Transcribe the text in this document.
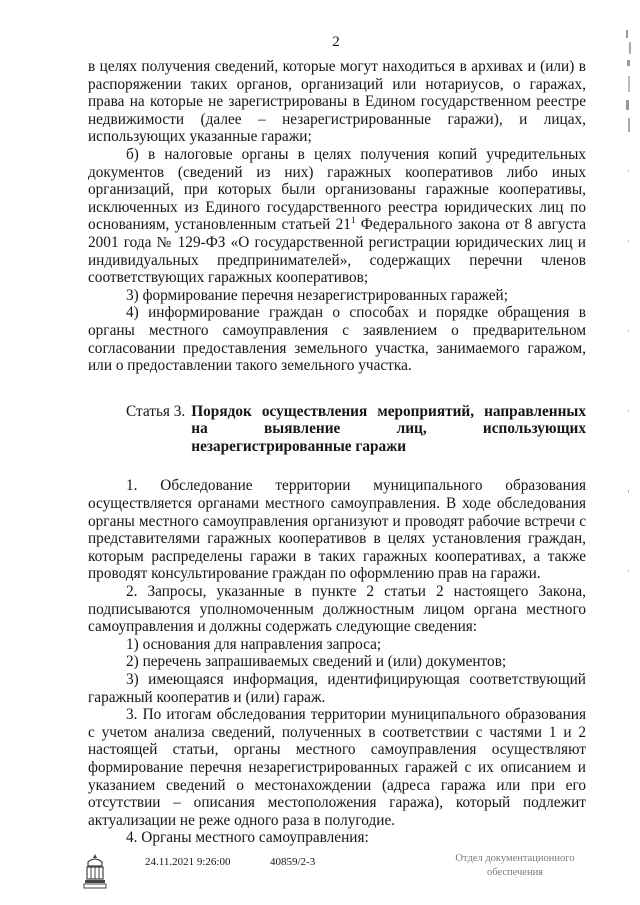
2

в целях получения сведений, которые могут находиться в архивах и (или) в распоряжении таких органов, организаций или нотариусов, о гаражах, права на которые не зарегистрированы в Едином государственном реестре недвижимости (далее – незарегистрированные гаражи), и лицах, использующих указанные гаражи;

б) в налоговые органы в целях получения копий учредительных документов (сведений из них) гаражных кооперативов либо иных организаций, при которых были организованы гаражные кооперативы, исключенных из Единого государственного реестра юридических лиц по основаниям, установленным статьей $21^1$ Федерального закона от 8 августа 2001 года № 129-ФЗ «О государственной регистрации юридических лиц и индивидуальных предпринимателей», содержащих перечни членов соответствующих гаражных кооперативов;

3) формирование перечня незарегистрированных гаражей;

4) информирование граждан о способах и порядке обращения в органы местного самоуправления с заявлением о предварительном согласовании предоставления земельного участка, занимаемого гаражом, или о предоставлении такого земельного участка.

Статья 3. Порядок осуществления мероприятий, направленных на выявление лиц, использующих незарегистрированные гаражи

1. Обследование территории муниципального образования осуществляется органами местного самоуправления. В ходе обследования органы местного самоуправления организуют и проводят рабочие встречи с представителями гаражных кооперативов в целях установления граждан, которым распределены гаражи в таких гаражных кооперативах, а также проводят консультирование граждан по оформлению прав на гаражи.

2. Запросы, указанные в пункте 2 статьи 2 настоящего Закона, подписываются уполномоченным должностным лицом органа местного самоуправления и должны содержать следующие сведения:

1) основания для направления запроса;

2) перечень запрашиваемых сведений и (или) документов;

3) имеющаяся информация, идентифицирующая соответствующий гаражный кооператив и (или) гараж.

3. По итогам обследования территории муниципального образования с учетом анализа сведений, полученных в соответствии с частями 1 и 2 настоящей статьи, органы местного самоуправления осуществляют формирование перечня незарегистрированных гаражей с их описанием и указанием сведений о местонахождении (адреса гаража или при его отсутствии – описания местоположения гаража), который подлежит актуализации не реже одного раза в полугодие.

4. Органы местного самоуправления:

24.11.2021 9:26:00	40859/2-3	Отдел документационного
обеспечения
